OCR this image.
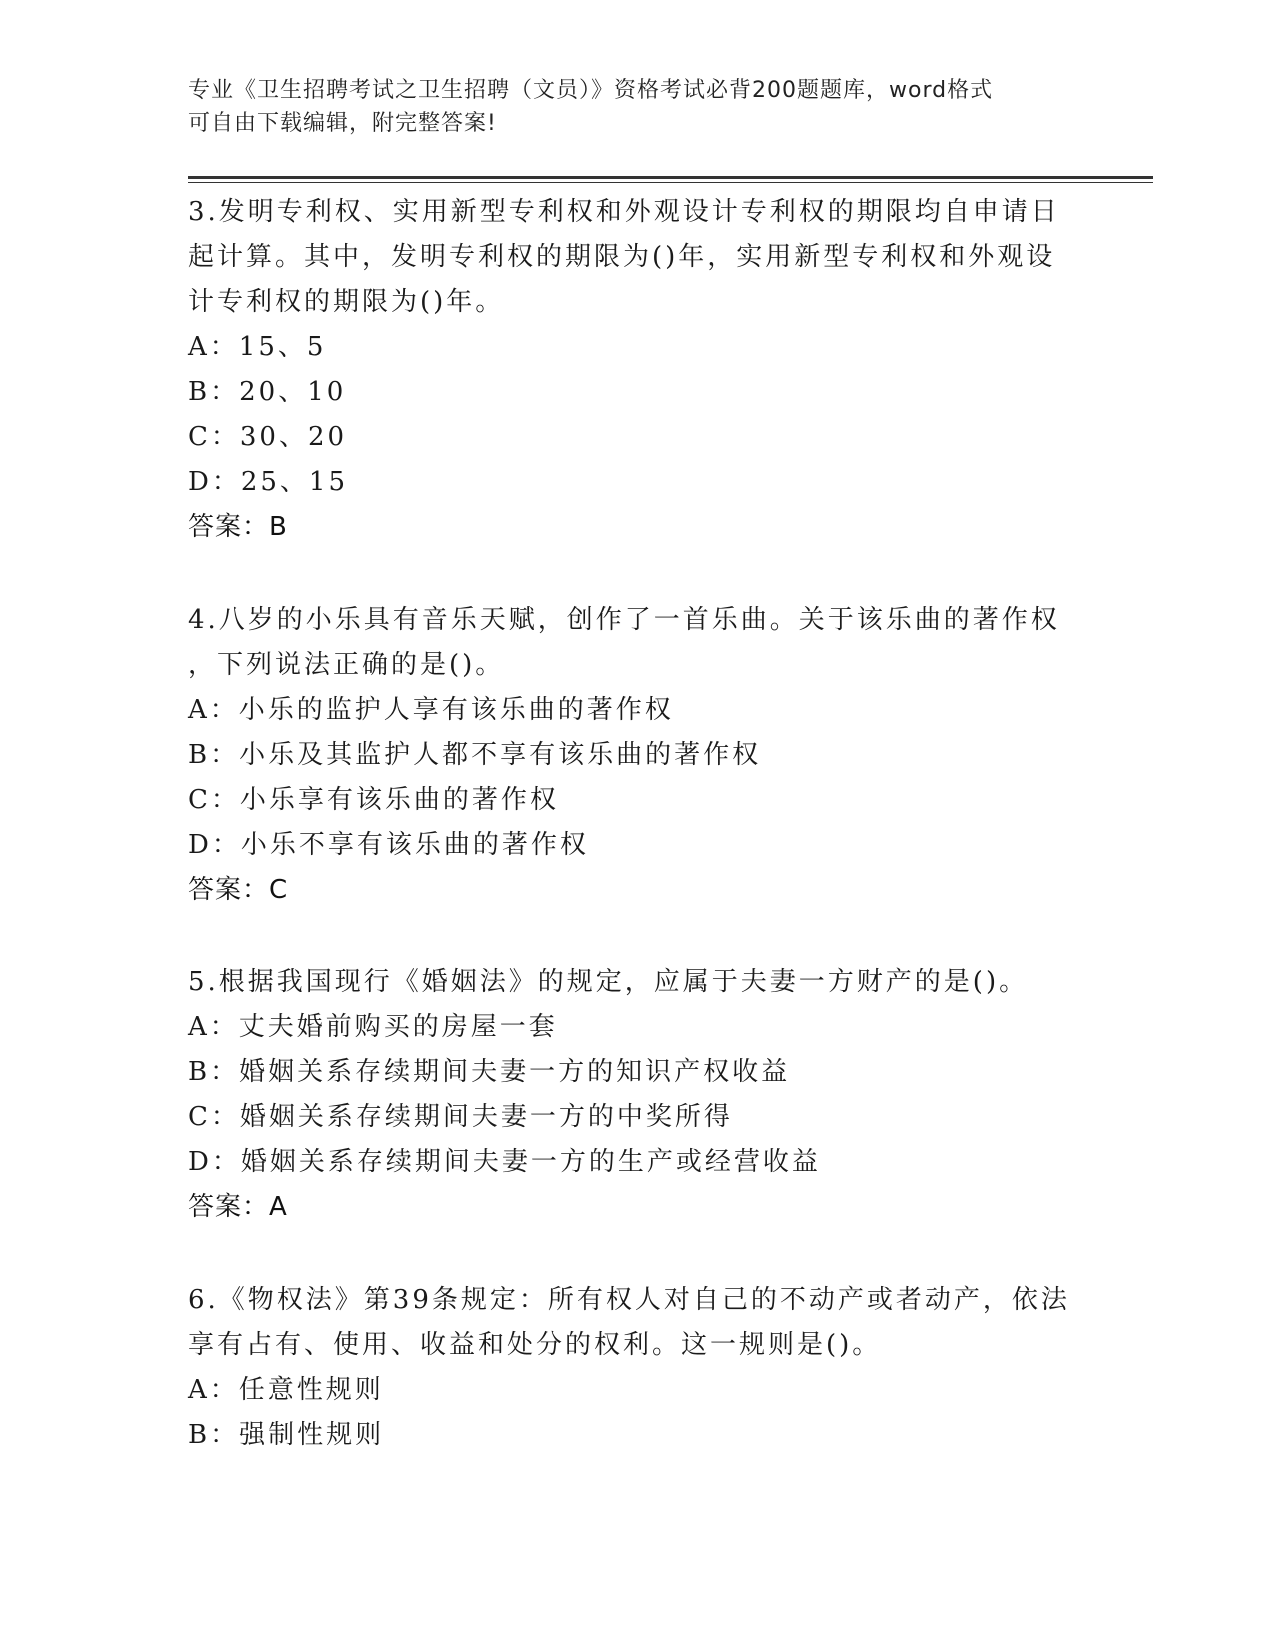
专业《卫生招聘考试之卫生招聘（文员）》资格考试必背200题题库，word格式
可自由下载编辑，附完整答案!
3.发明专利权、实用新型专利权和外观设计专利权的期限均自申请日
起计算。其中，发明专利权的期限为()年，实用新型专利权和外观设
计专利权的期限为()年。
A：15、5
B：20、10
C：30、20
D：25、15
答案：B
4.八岁的小乐具有音乐天赋，创作了一首乐曲。关于该乐曲的著作权
，下列说法正确的是()。
A：小乐的监护人享有该乐曲的著作权
B：小乐及其监护人都不享有该乐曲的著作权
C：小乐享有该乐曲的著作权
D：小乐不享有该乐曲的著作权
答案：C
5.根据我国现行《婚姻法》的规定，应属于夫妻一方财产的是()。
A：丈夫婚前购买的房屋一套
B：婚姻关系存续期间夫妻一方的知识产权收益
C：婚姻关系存续期间夫妻一方的中奖所得
D：婚姻关系存续期间夫妻一方的生产或经营收益
答案：A
6.《物权法》第39条规定：所有权人对自己的不动产或者动产，依法
享有占有、使用、收益和处分的权利。这一规则是()。
A：任意性规则
B：强制性规则
